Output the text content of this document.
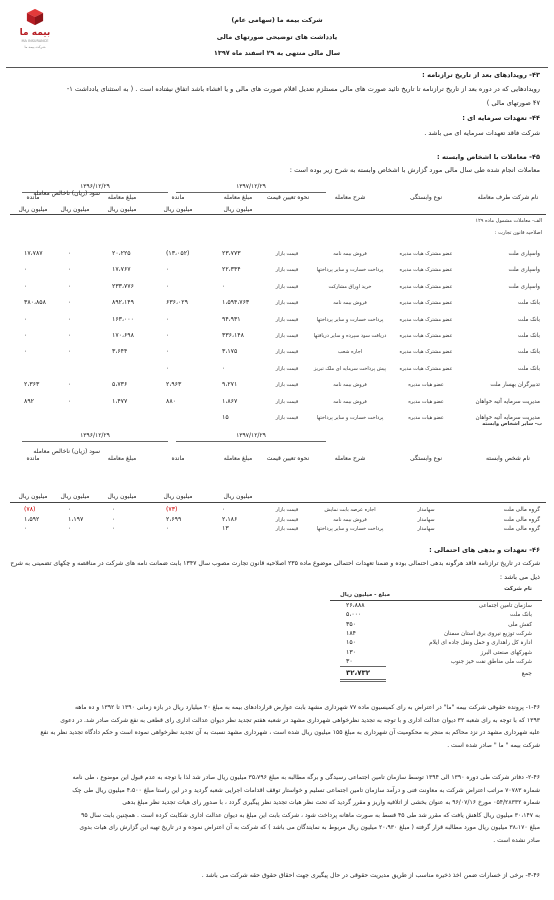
بیمه ما
MA INSURANCE
شرکت بیمه ما
شرکت بیمه ما (سهامی عام)
یادداشت های توضیحی صورتهای مالی
سال مالی منتهی به ۲۹ اسفند ماه ۱۳۹۷
۴۳- رویدادهای بعد از تاریخ ترازنامه :
رویدادهایی که در دوره بعد از تاریخ ترازنامه تا تاریخ تائید صورت های مالی مستلزم تعدیل اقلام صورت های مالی و یا افشاء باشد اتفاق نیفتاده است . ( به استثنای یادداشت ۱-
۴۷ صورتهای مالی )
۴۴- تعهدات سرمایه ای :
شرکت فاقد تعهدات سرمایه ای می باشد .
۴۵- معاملات با اشخاص وابسته :
معاملات انجام شده طی سال مالی مورد گزارش با اشخاص وابسته به شرح زیر بوده است :
۱۳۹۷/۱۲/۲۹
۱۳۹۶/۱۲/۲۹
نام شرکت طرف معامله
نوع وابستگی
شرح معامله
نحوه تعیین قیمت
مبلغ معامله
مانده
مبلغ معامله
سود (زیان) ناخالص معامله
مانده
میلیون ریال
میلیون ریال
میلیون ریال
میلیون ریال
میلیون ریال
الف- معاملات مشمول ماده ۱۲۹
اصلاحیه قانون تجارت :
واسپاری ملت
عضو مشترک هیات مدیره
فروش بیمه نامه
قیمت بازار
۲۳،۷۷۳
(۱۳،۰۵۲)
۲۰،۲۲۵
۰
۱۷،۷۸۷
واسپاری ملت
عضو مشترک هیات مدیره
پرداخت خسارت و سایر پرداختها
قیمت بازار
۲۲،۳۴۴
۰
۱۷،۷۶۷
۰
۰
واسپاری ملت
عضو مشترک هیات مدیره
خرید اوراق مشارکت
قیمت بازار
۰
۰
۲۳۳،۷۷۶
۰
۰
بانک ملت
عضو مشترک هیات مدیره
فروش بیمه نامه
قیمت بازار
۱،۵۹۴،۷۶۳
۶۳۶،۰۲۹
۸۹۲،۱۴۹
۰
۳۸۰،۸۵۸
بانک ملت
عضو مشترک هیات مدیره
پرداخت خسارت و سایر پرداختها
قیمت بازار
۹۴،۹۳۱
۰
۱۶۳،۰۰۰
۰
۰
بانک ملت
عضو مشترک هیات مدیره
دریافت سود سپرده و سایر دریافتها
قیمت بازار
۳۳۶،۱۴۸
۰
۱۷۰،۶۹۸
۰
۰
بانک ملت
عضو مشترک هیات مدیره
اجاره شعب
قیمت بازار
۳،۱۷۵
۰
۳،۶۴۴
۰
۰
بانک ملت
عضو مشترک هیات مدیره
پیش پرداخت سرمایه ای ملک تبریز
قیمت بازار
۰
۰
تدبیرگران بهسار ملت
عضو هیات مدیره
فروش بیمه نامه
قیمت بازار
۹،۲۷۱
۲،۹۶۳
۵،۷۳۶
۰
۲،۳۶۳
مدیریت سرمایه آتیه خواهان
عضو هیات مدیره
فروش بیمه نامه
قیمت بازار
۱،۸۶۷
۸۸۰
۱،۴۷۷
۰
۸۹۲
مدیریت سرمایه آتیه خواهان
عضو هیات مدیره
پرداخت خسارت و سایر پرداختها
قیمت بازار
۱۵
ب- سایر اشخاص وابسته
۱۳۹۷/۱۲/۲۹
۱۳۹۶/۱۲/۲۹
نام شخص وابسته
نوع وابستگی
شرح معامله
نحوه تعیین قیمت
مبلغ معامله
مانده
مبلغ معامله
سود (زیان) ناخالص معامله
مانده
میلیون ریال
میلیون ریال
میلیون ریال
میلیون ریال
میلیون ریال
گروه مالی ملت
سهامدار
اجاره عرصه بابت نمایش
قیمت بازار
۰
(۷۳)
۰
۰
(۷۸)
گروه مالی ملت
سهامدار
فروش بیمه نامه
قیمت بازار
۲،۱۸۶
۲،۶۹۹
۰
۱،۱۹۷
۱،۵۹۲
گروه مالی ملت
سهامدار
پرداخت خسارت و سایر پرداختها
قیمت بازار
۱۳
۰
۰
۰
۰
۴۶- تعهدات و بدهی های احتمالی :
شرکت در تاریخ ترازنامه فاقد هرگونه بدهی احتمالی بوده و ضمنا تعهدات احتمالی موضوع ماده ۲۳۵ اصلاحیه قانون تجارت مصوب سال ۱۳۴۷ بابت ضمانت نامه های شرکت در مناقصه و چکهای تضمینی به شرح
ذیل می باشد :
نام شرکت
مبلغ - میلیون ریال
سازمان تامین اجتماعی
۲۶،۸۸۸
بانک ملت
۵،۰۰۰
کفش ملی
۳۵۰
شرکت توزیع نیروی برق استان سمنان
۱۸۴
ادارہ کل راهداری و حمل ونقل جاده ای ایلام
۱۵۰
شهرکهای صنعتی البرز
۱۳۰
شرکت ملی مناطق نفت خیز جنوب
۳۰
جمع
۳۲،۷۳۲
۱-۴۶- پرونده حقوقی شرکت بیمه "ما" در اعتراض به رای کمیسیون ماده ۷۷ شهرداری مشهد بابت عوارض قراردادهای بیمه به مبلغ ۲۰ میلیارد ریال در بازه زمانی ۱۳۹۰ تا ۱۳۹۲ و ده ماهه
۱۳۹۳ که با توجه به رای شعبه ۳۲ دیوان عدالت اداری و با توجه به تجدید نظرخواهی شهرداری مشهد در شعبه هفتم تجدید نظر دیوان عدالت اداری رای قطعی به نفع شرکت صادر شد. در دعوی
علیه شهرداری مشهد در نزد محاکم به منجر به محکومیت آن شهرداری به مبلغ ۱۵۵ میلیون ریال شده است ، شهرداری مشهد نسبت به آن تجدید نظرخواهی نموده است و حکم دادگاه تجدید نظر به نفع
شرکت بیمه " ما " صادر شده است .
۲-۴۶- دفاتر شرکت طی دوره ۱۳۹۰ الی ۱۳۹۴ توسط سازمان تامین اجتماعی رسیدگی و برگه مطالبه به مبلغ ۳۵،۷۹۶ میلیون ریال صادر شد لذا با توجه به عدم قبول این موضوع ، طی نامه
شماره ۷۰۷۸۳ مراتب اعتراض شرکت به معاونت فنی و درآمد سازمان تامین اجتماعی تسلیم و خواستار توقف اقدامات اجرایی شعبه گردید و در این راستا مبلغ ۴،۵۰۰ میلیون ریال طی چک
شماره ۰۵۴/۲۸۳۳۲ مورخ ۹۶/۰۷/۱۶ به عنوان بخشی از اتلافیه واریز و مقرر گردید که تحت نظر هیات تجدید نظر پیگیری گردد ، با صدور رای هیات تجدید نظر مبلغ بدهی
به ۳۰،۱۴۷ میلیون ریال کاهش یافت که مقرر شد طی ۴۵ قسط به صورت ماهانه پرداخت شود ، شرکت بابت این مبلغ به دیوان عدالت اداری شکایت کرده است . همچنین بابت سال ۹۵
مبلغ ۳۸،۱۷۰ میلیون ریال مورد مطالبه قرار گرفته ( مبلغ ۲۰،۹۳۰ میلیون ریال مربوط به نمایندگان می باشد ) که شرکت به آن اعتراض نموده و در تاریخ تهیه این گزارش رای هیات بدوی
صادر نشده است .
۳-۴۶- برخی از خسارات ضمن اخذ ذخیره مناسب از طریق مدیریت حقوقی در حال پیگیری جهت احقاق حقوق حقه شرکت می باشد .
